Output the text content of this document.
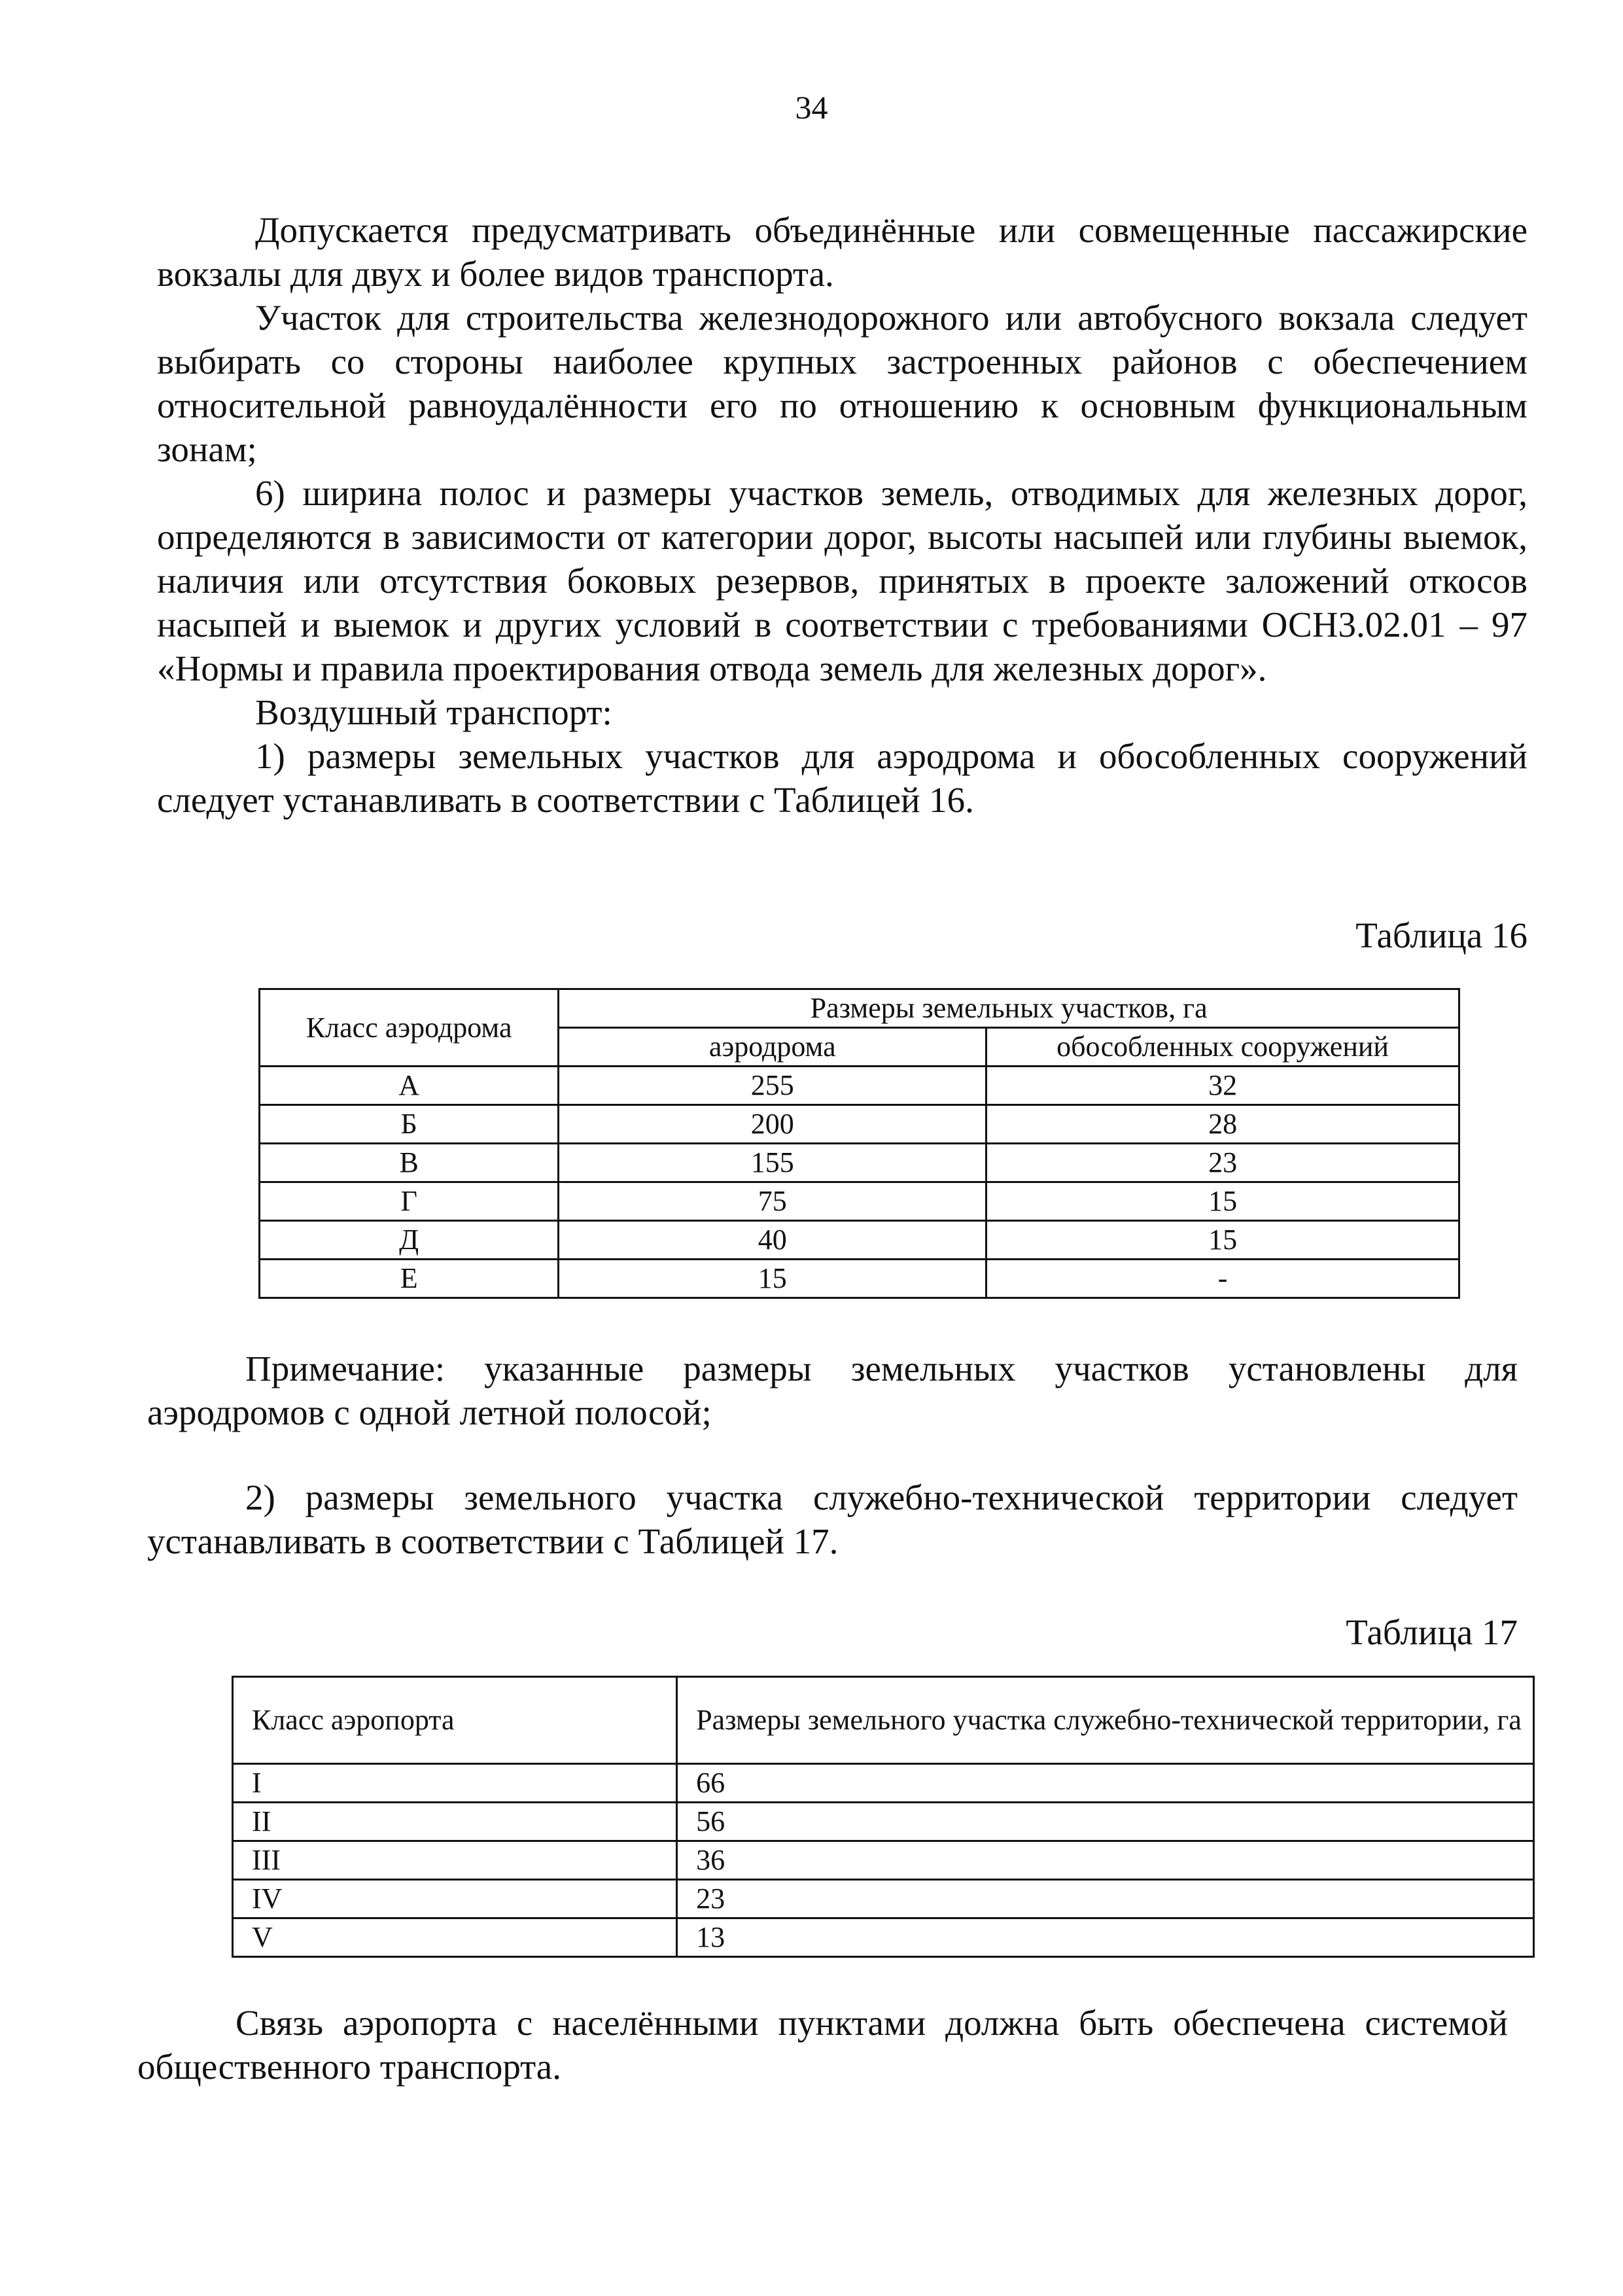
34

Допускается предусматривать объединённые или совмещенные пассажирские вокзалы для двух и более видов транспорта.

Участок для строительства железнодорожного или автобусного вокзала следует выбирать со стороны наиболее крупных застроенных районов с обеспечением относительной равноудалённости его по отношению к основным функциональным зонам;

6) ширина полос и размеры участков земель, отводимых для железных дорог, определяются в зависимости от категории дорог, высоты насыпей или глубины выемок, наличия или отсутствия боковых резервов, принятых в проекте заложений откосов насыпей и выемок и других условий в соответствии с требованиями ОСН3.02.01 – 97 «Нормы и правила проектирования отвода земель для железных дорог».

Воздушный транспорт:

1) размеры земельных участков для аэродрома и обособленных сооружений следует устанавливать в соответствии с Таблицей 16.

Таблица 16
Класс аэродрома	Размеры земельных участков, га	
	аэродрома	обособленных сооружений
А	255	32
Б	200	28
В	155	23
Г	75	15
Д	40	15
Е	15	-

Примечание: указанные размеры земельных участков установлены для аэродромов с одной летной полосой;

2) размеры земельного участка служебно-технической территории следует устанавливать в соответствии с Таблицей 17.

Таблица 17
Класс аэропорта	Размеры земельного участка служебно-технической территории, га
I	66
II	56
III	36
IV	23
V	13

Связь аэропорта с населёнными пунктами должна быть обеспечена системой общественного транспорта.
